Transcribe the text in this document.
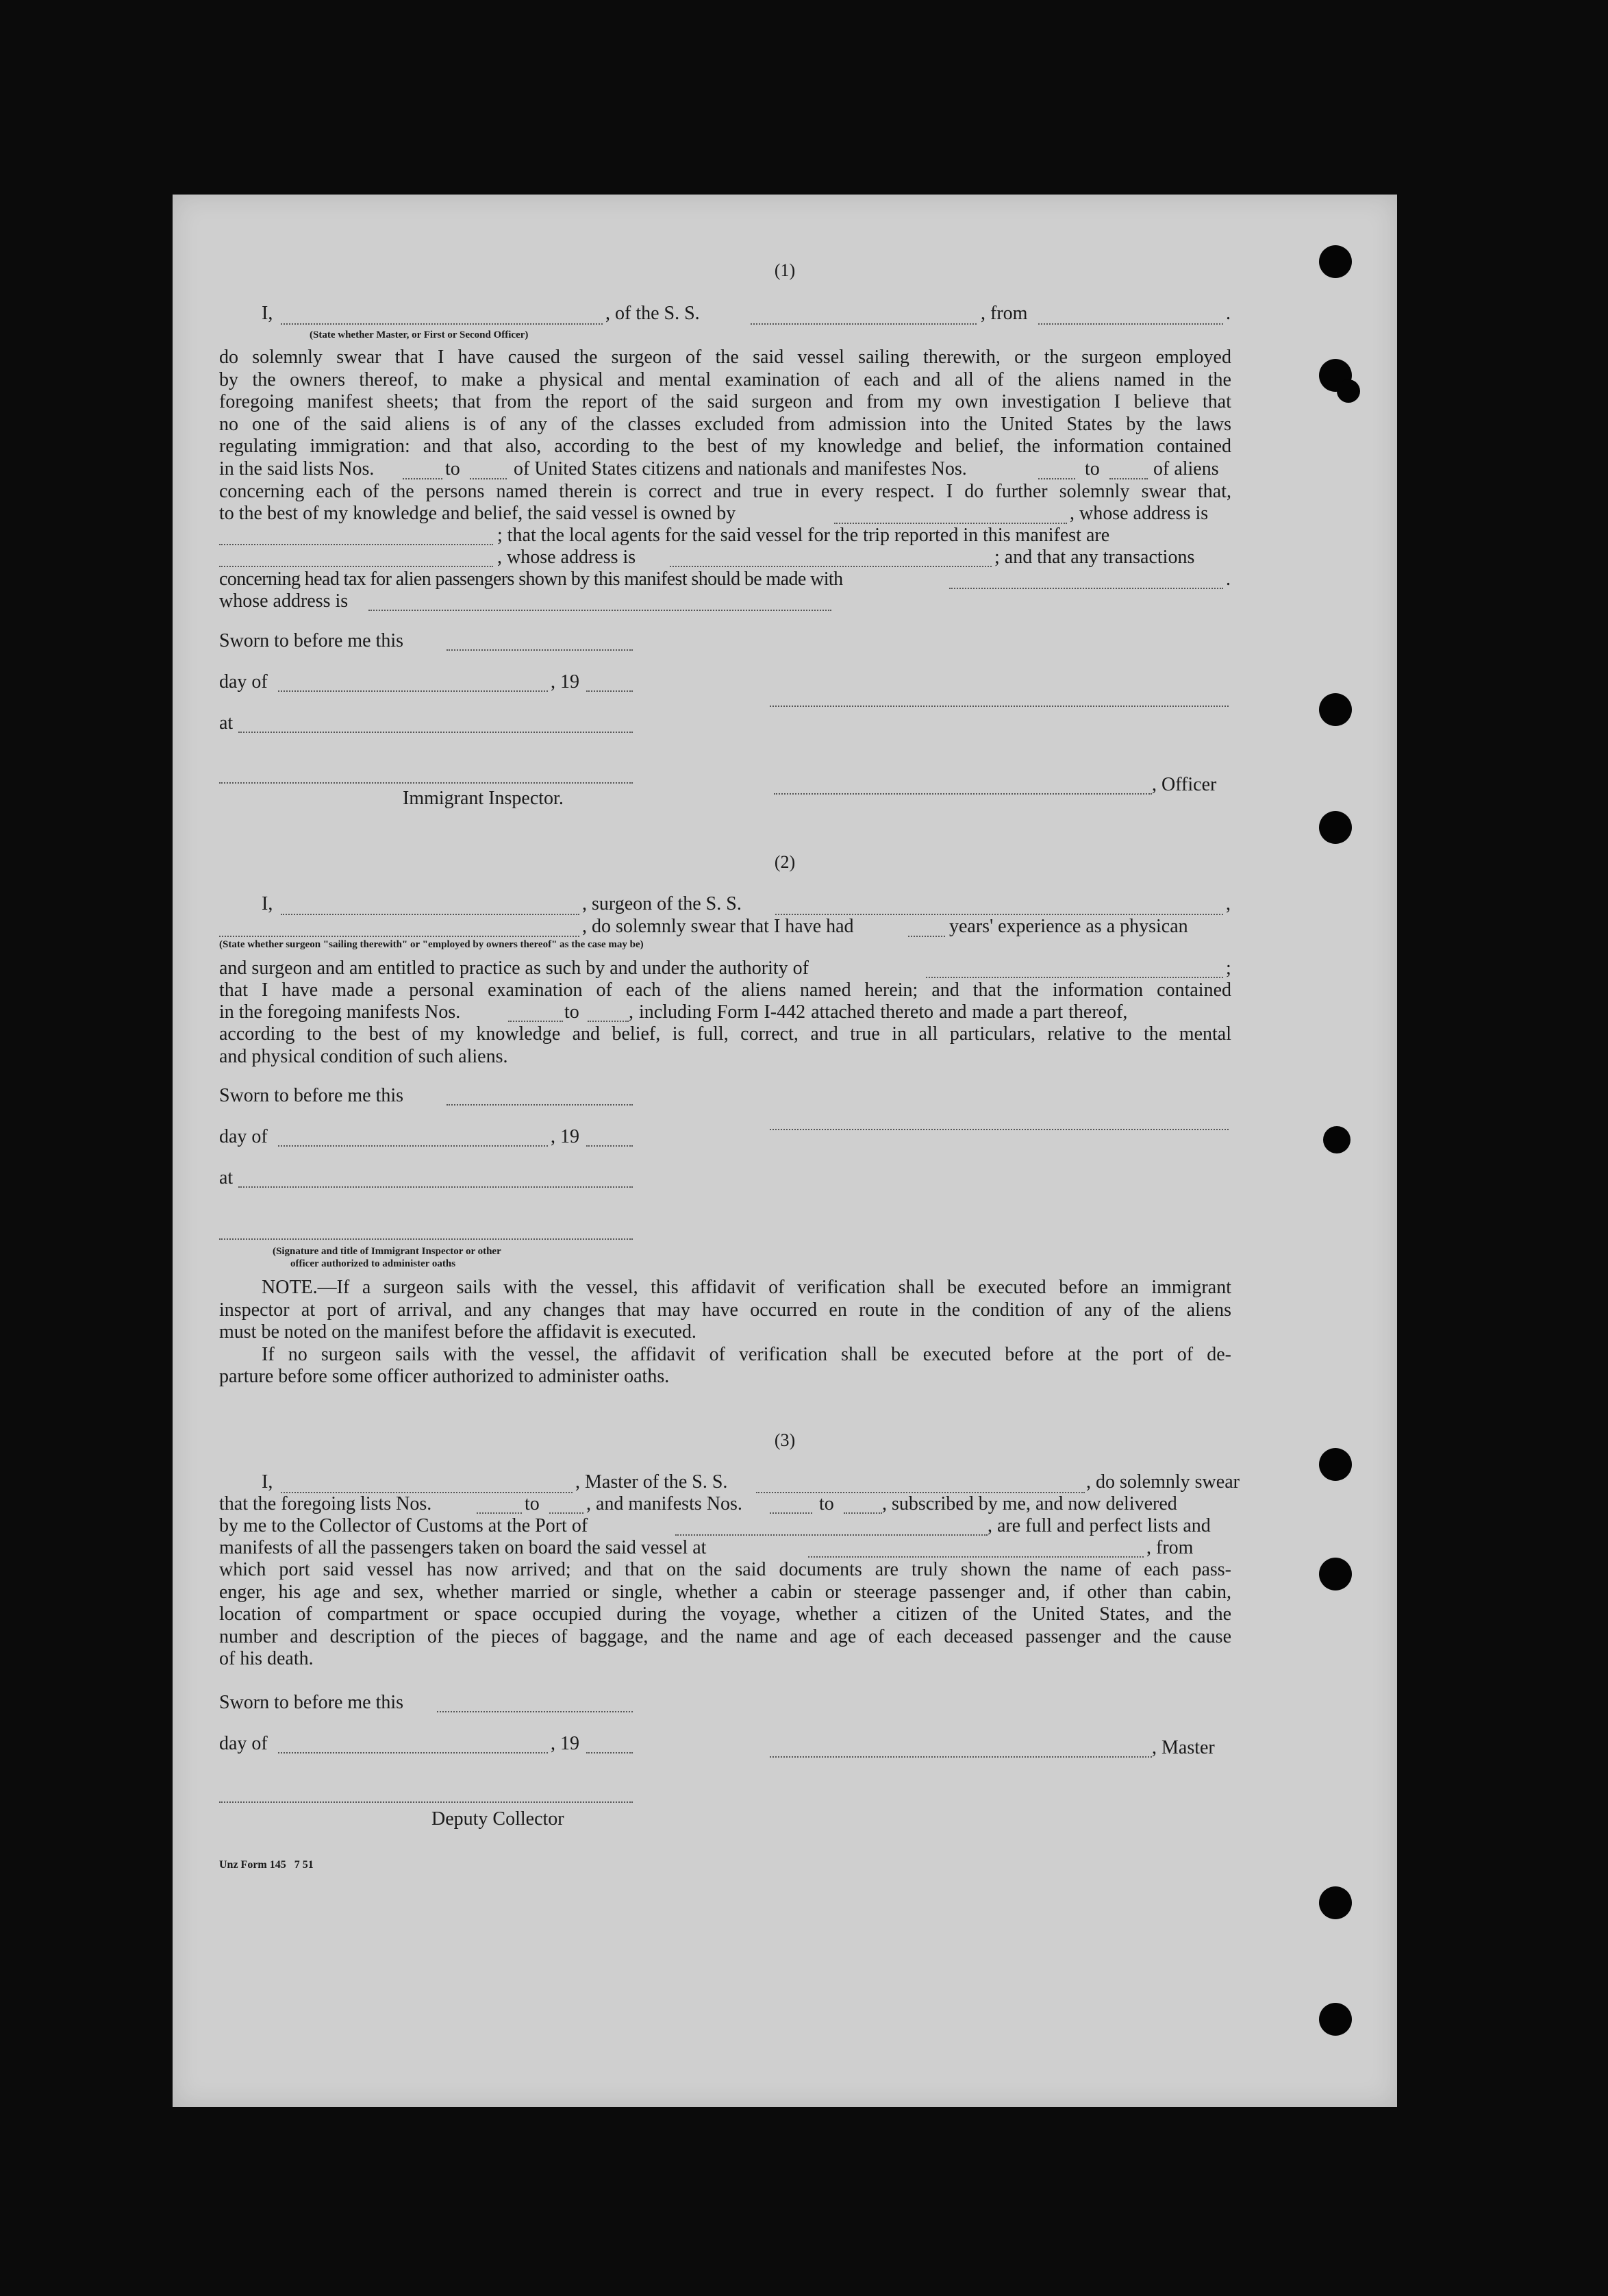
(1)
I,	, of the S. S.	, from	.
(State whether Master, or First or Second Officer)
do solemnly swear that I have caused the surgeon of the said vessel sailing therewith, or the surgeon employed
by the owners thereof, to make a physical and mental examination of each and all of the aliens named in the
foregoing manifest sheets; that from the report of the said surgeon and from my own investigation I believe that
no one of the said aliens is of any of the classes excluded from admission into the United States by the laws
regulating immigration: and that also, according to the best of my knowledge and belief, the information contained
in the said lists Nos.	to	of United States citizens and nationals and manifestes Nos.	to	of aliens
concerning each of the persons named therein is correct and true in every respect. I do further solemnly swear that,
to the best of my knowledge and belief, the said vessel is owned by	, whose address is
; that the local agents for the said vessel for the trip reported in this manifest are
, whose address is	; and that any transactions
concerning head tax for alien passengers shown by this manifest should be made with	.
whose address is
Sworn to before me this
day of	, 19
at
, Officer
Immigrant Inspector.
(2)
I,	, surgeon of the S. S.	,
, do solemnly swear that I have had	years' experience as a physican
(State whether surgeon "sailing therewith" or "employed by owners thereof" as the case may be)
and surgeon and am entitled to practice as such by and under the authority of	;
that I have made a personal examination of each of the aliens named herein; and that the information contained
in the foregoing manifests Nos.	to	, including Form I-442 attached thereto and made a part thereof,
according to the best of my knowledge and belief, is full, correct, and true in all particulars, relative to the mental
and physical condition of such aliens.
Sworn to before me this
day of	, 19
at
(Signature and title of Immigrant Inspector or other
officer authorized to administer oaths
NOTE.—If a surgeon sails with the vessel, this affidavit of verification shall be executed before an immigrant
inspector at port of arrival, and any changes that may have occurred en route in the condition of any of the aliens
must be noted on the manifest before the affidavit is executed.
If no surgeon sails with the vessel, the affidavit of verification shall be executed before at the port of de-
parture before some officer authorized to administer oaths.
(3)
I,	, Master of the S. S.	, do solemnly swear
that the foregoing lists Nos.	to , and manifests Nos.	to	, subscribed by me, and now delivered
by me to the Collector of Customs at the Port of	, are full and perfect lists and
manifests of all the passengers taken on board the said vessel at	, from
which port said vessel has now arrived; and that on the said documents are truly shown the name of each pass-
enger, his age and sex, whether married or single, whether a cabin or steerage passenger and, if other than cabin,
location of compartment or space occupied during the voyage, whether a citizen of the United States, and the
number and description of the pieces of baggage, and the name and age of each deceased passenger and the cause
of his death.
Sworn to before me this
day of	, 19	, Master
Deputy Collector
Unz Form 145   7 51
